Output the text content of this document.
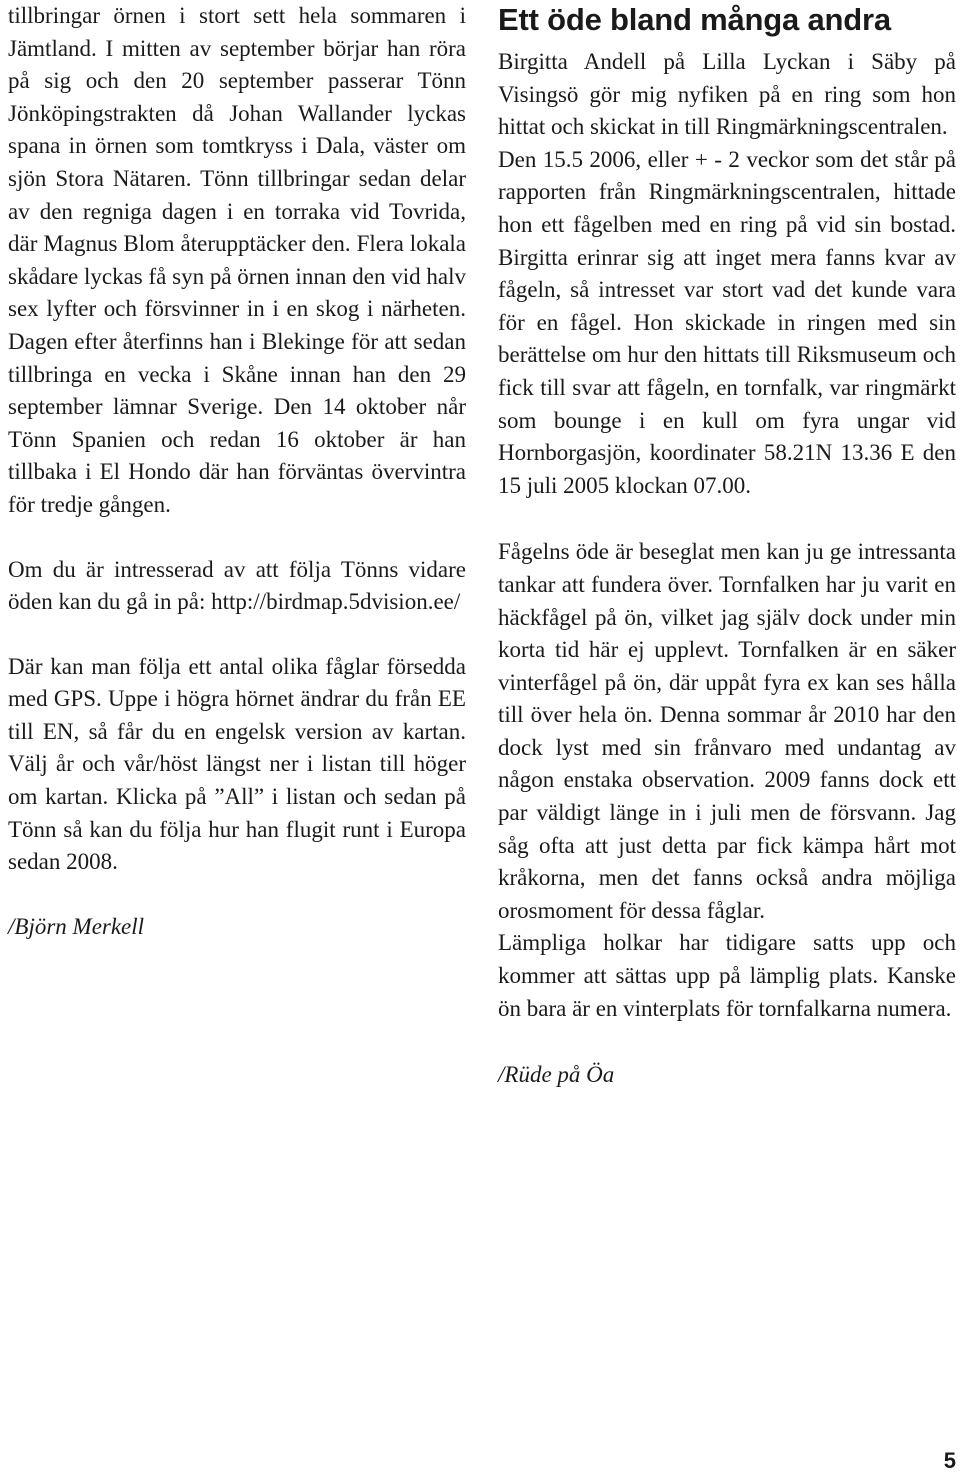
tillbringar örnen i stort sett hela sommaren i Jämtland. I mitten av september börjar han röra på sig och den 20 september passerar Tönn Jönköpingstrakten då Johan Wallander lyckas spana in örnen som tomtkryss i Dala, väster om sjön Stora Nätaren. Tönn tillbringar sedan delar av den regniga dagen i en torraka vid Tovrida, där Magnus Blom återupptäcker den. Flera lokala skådare lyckas få syn på örnen innan den vid halv sex lyfter och försvinner in i en skog i närheten. Dagen efter återfinns han i Blekinge för att sedan tillbringa en vecka i Skåne innan han den 29 september lämnar Sverige. Den 14 oktober når Tönn Spanien och redan 16 oktober är han tillbaka i El Hondo där han förväntas övervintra för tredje gången.

Om du är intresserad av att följa Tönns vidare öden kan du gå in på: http://birdmap.5dvision.ee/

Där kan man följa ett antal olika fåglar försedda med GPS. Uppe i högra hörnet ändrar du från EE till EN, så får du en engelsk version av kartan. Välj år och vår/höst längst ner i listan till höger om kartan. Klicka på ”All” i listan och sedan på Tönn så kan du följa hur han flugit runt i Europa sedan 2008.

/Björn Merkell

Ett öde bland många andra

Birgitta Andell på Lilla Lyckan i Säby på Visingsö gör mig nyfiken på en ring som hon hittat och skickat in till Ringmärkningscentralen.

Den 15.5 2006, eller + - 2 veckor som det står på rapporten från Ringmärkningscentralen, hittade hon ett fågelben med en ring på vid sin bostad. Birgitta erinrar sig att inget mera fanns kvar av fågeln, så intresset var stort vad det kunde vara för en fågel. Hon skickade in ringen med sin berättelse om hur den hittats till Riksmuseum och fick till svar att fågeln, en tornfalk, var ringmärkt som bounge i en kull om fyra ungar vid Hornborgasjön, koordinater 58.21N 13.36 E den 15 juli 2005 klockan 07.00.

Fågelns öde är beseglat men kan ju ge intressanta tankar att fundera över. Tornfalken har ju varit en häckfågel på ön, vilket jag själv dock under min korta tid här ej upplevt. Tornfalken är en säker vinterfågel på ön, där uppåt fyra ex kan ses hålla till över hela ön. Denna sommar år 2010 har den dock lyst med sin frånvaro med undantag av någon enstaka observation. 2009 fanns dock ett par väldigt länge in i juli men de försvann. Jag såg ofta att just detta par fick kämpa hårt mot kråkorna, men det fanns också andra möjliga orosmoment för dessa fåglar.

Lämpliga holkar har tidigare satts upp och kommer att sättas upp på lämplig plats. Kanske ön bara är en vinterplats för tornfalkarna numera.

/Rüde på Öa

5
